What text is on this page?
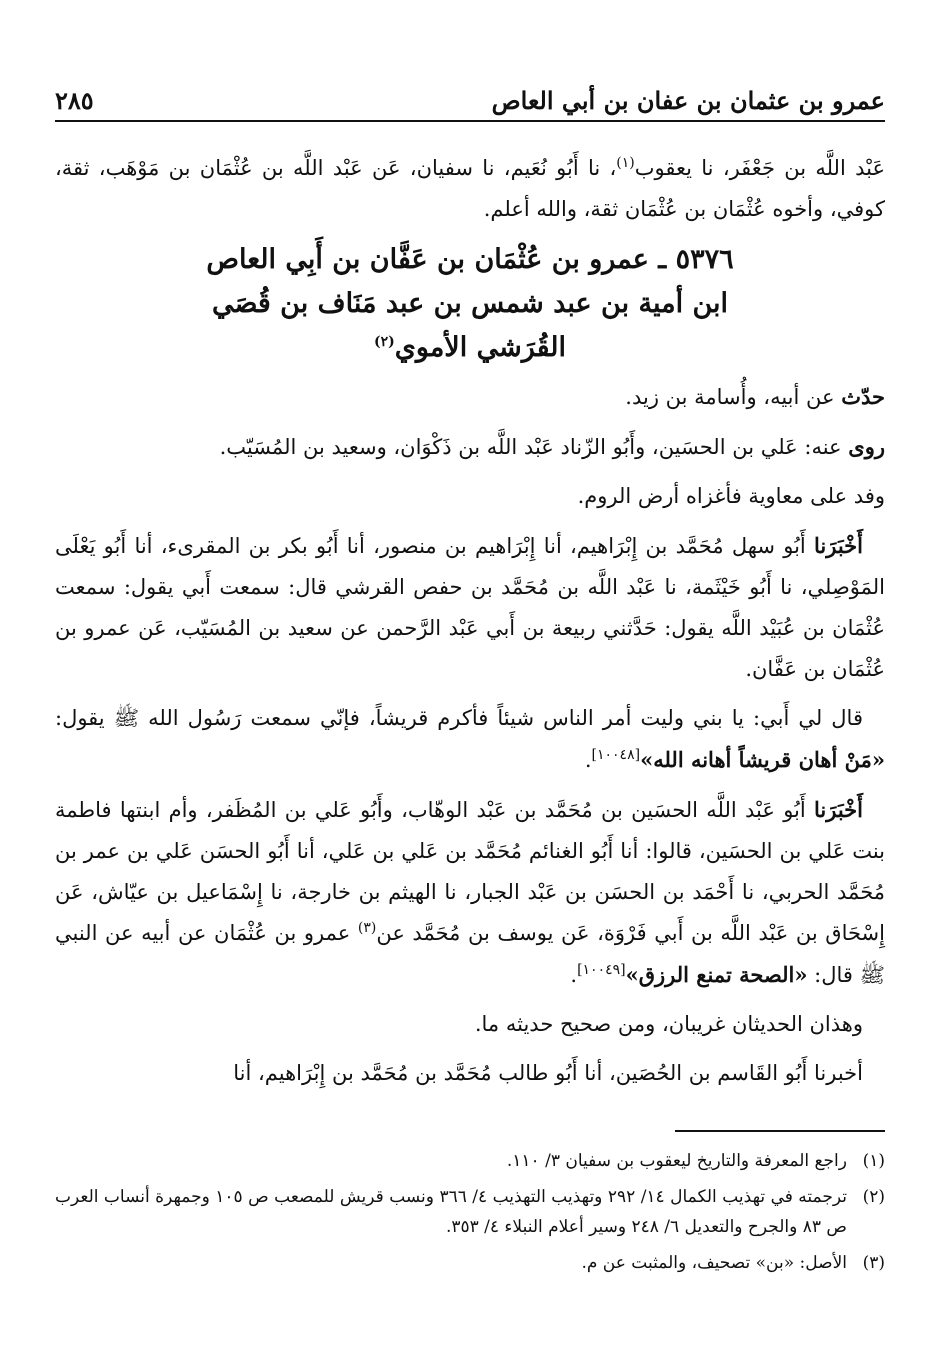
عمرو بن عثمان بن عفان بن أبي العاص
٢٨٥

عَبْد اللَّه بن جَعْفَر، نا يعقوب$^{(١)}$، نا أَبُو نُعَيم، نا سفيان، عَن عَبْد اللَّه بن عُثْمَان بن مَوْهَب، ثقة، كوفي، وأخوه عُثْمَان بن عُثْمَان ثقة، والله أعلم.

٥٣٧٦ ـ عمرو بن عُثْمَان بن عَفَّان بن أَبِي العاص
ابن أمية بن عبد شمس بن عبد مَنَاف بن قُصَي
القُرَشي الأموي$^{(٢)}$

حدّث عن أبيه، وأُسامة بن زيد.

روى عنه: عَلي بن الحسَين، وأَبُو الزّناد عَبْد اللَّه بن ذَكْوَان، وسعيد بن المُسَيّب.

وفد على معاوية فأغزاه أرض الروم.

أَخْبَرَنا أَبُو سهل مُحَمَّد بن إِبْرَاهيم، أنا إِبْرَاهيم بن منصور، أنا أَبُو بكر بن المقرىء، أنا أَبُو يَعْلَى المَوْصِلي، نا أَبُو خَيْثَمة، نا عَبْد اللَّه بن مُحَمَّد بن حفص القرشي قال: سمعت أَبي يقول: سمعت عُثْمَان بن عُبَيْد اللَّه يقول: حَدَّثني ربيعة بن أَبي عَبْد الرَّحمن عن سعيد بن المُسَيّب، عَن عمرو بن عُثْمَان بن عَفَّان.

قال لي أَبي: يا بني وليت أمر الناس شيئاً فأكرم قريشاً، فإنّي سمعت رَسُول الله ﷺ يقول: «مَنْ أهان قريشاً أهانه الله»[١٠٠٤٨].

أَخْبَرَنا أَبُو عَبْد اللَّه الحسَين بن مُحَمَّد بن عَبْد الوهّاب، وأَبُو عَلي بن المُظَفر، وأم ابنتها فاطمة بنت عَلي بن الحسَين، قالوا: أنا أَبُو الغنائم مُحَمَّد بن عَلي بن عَلي، أنا أَبُو الحسَن عَلي بن عمر بن مُحَمَّد الحربي، نا أَحْمَد بن الحسَن بن عَبْد الجبار، نا الهيثم بن خارجة، نا إِسْمَاعيل بن عيّاش، عَن إِسْحَاق بن عَبْد اللَّه بن أَبي فَرْوَة، عَن يوسف بن مُحَمَّد عن$^{(٣)}$ عمرو بن عُثْمَان عن أبيه عن النبي ﷺ قال: «الصحة تمنع الرزق»[١٠٠٤٩].

وهذان الحديثان غريبان، ومن صحيح حديثه ما.

أخبرنا أَبُو القَاسم بن الحُصَين، أنا أَبُو طالب مُحَمَّد بن مُحَمَّد بن إِبْرَاهيم، أنا

(١)
راجع المعرفة والتاريخ ليعقوب بن سفيان ٣/ ١١٠.
(٢)
ترجمته في تهذيب الكمال ١٤/ ٢٩٢ وتهذيب التهذيب ٤/ ٣٦٦ ونسب قريش للمصعب ص ١٠٥ وجمهرة أنساب العرب ص ٨٣ والجرح والتعديل ٦/ ٢٤٨ وسير أعلام النبلاء ٤/ ٣٥٣.
(٣)
الأصل: «بن» تصحيف، والمثبت عن م.
